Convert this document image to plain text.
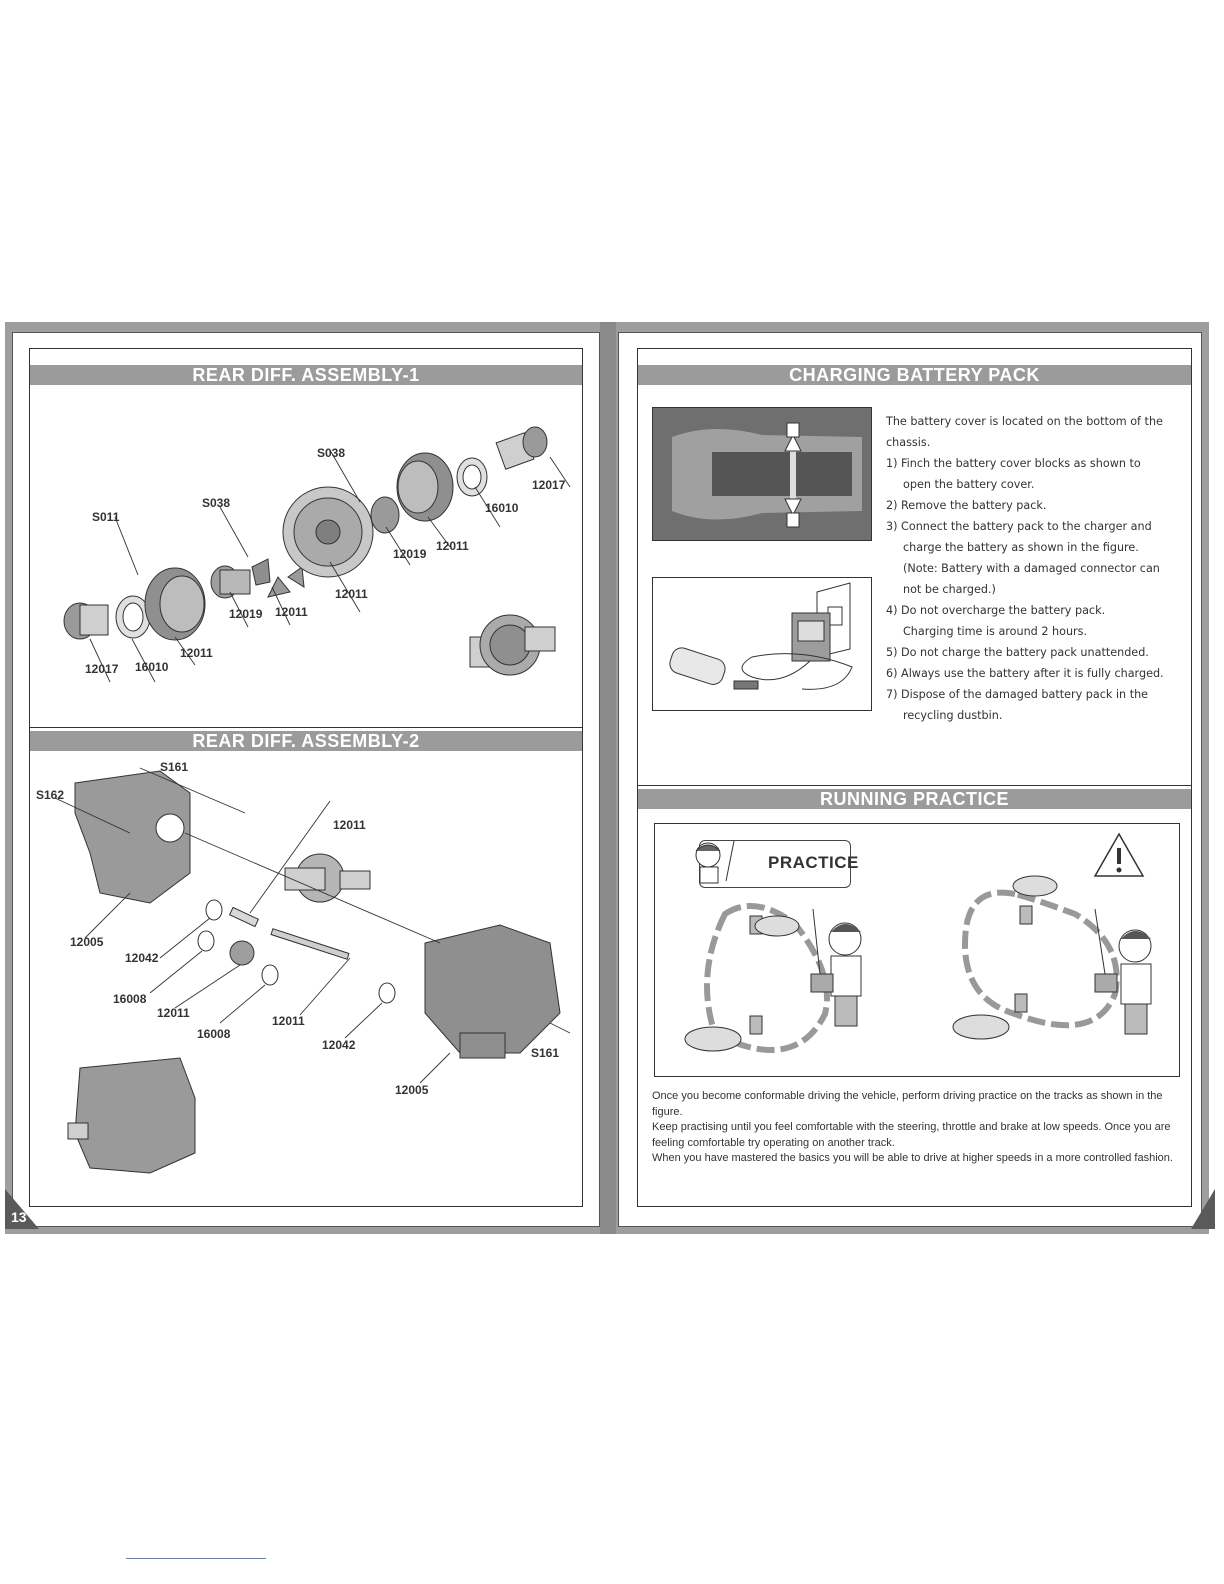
REAR DIFF. ASSEMBLY-1
S038
S038
S011
12017
16010
12011
12019
12011
12019 12011
12011
12017 16010
REAR DIFF. ASSEMBLY-2
S161
S162
12011
12005
12042
16008
12011
16008
12011
12042
S161
12005
13
CHARGING BATTERY PACK

The battery cover is located on the bottom of the

chassis.

1) Finch the battery cover blocks as shown to

open the battery cover.

2) Remove the battery pack.

3) Connect the battery pack to the charger and

charge the battery as shown in the figure.

(Note: Battery with a damaged connector can

not be charged.)

4) Do not overcharge the battery pack.

Charging time is around 2 hours.

5) Do not charge the battery pack unattended.

6) Always use the battery after it is fully charged.

7) Dispose of the damaged battery pack in the

recycling dustbin.

RUNNING PRACTICE
PRACTICE

Once you become conformable driving the vehicle, perform driving practice on the tracks as shown in the figure.

Keep practising until you feel comfortable with the steering, throttle and brake at low speeds. Once you are feeling comfortable try operating on another track.

When you have mastered the basics you will be able to drive at higher speeds in a more controlled fashion.
